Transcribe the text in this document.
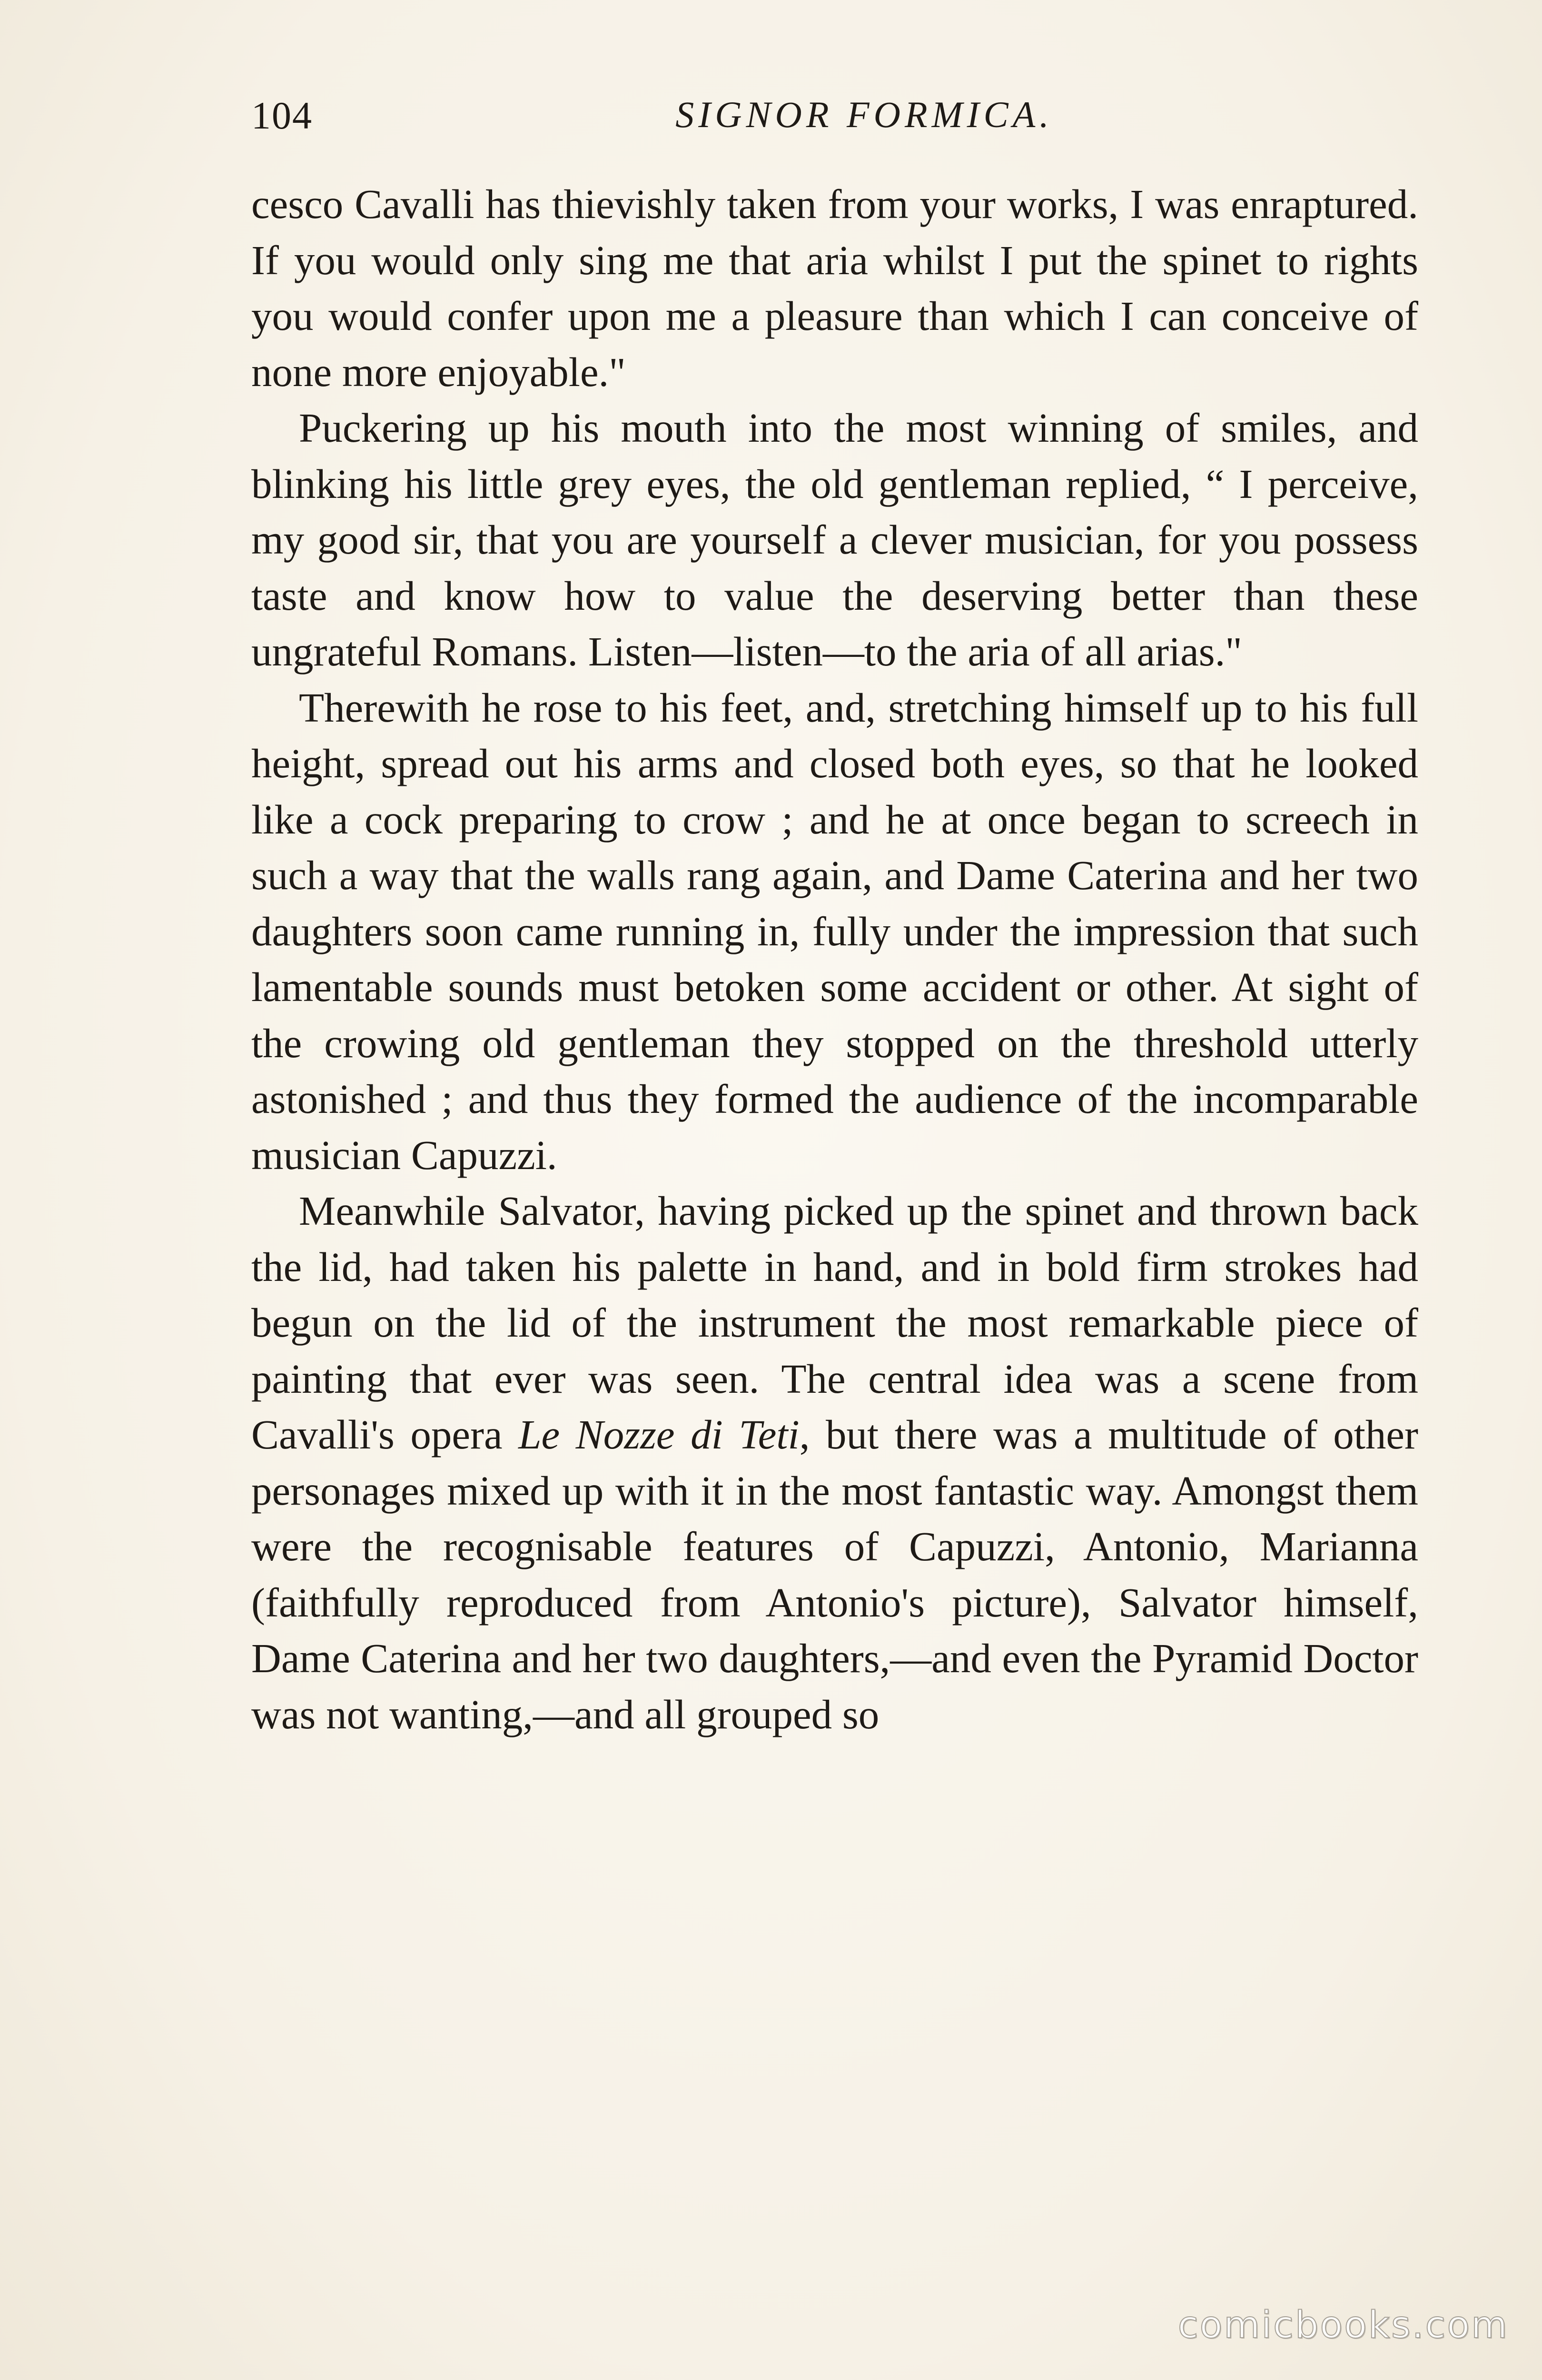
104	SIGNOR FORMICA.

cesco Cavalli has thievishly taken from your works, I was enraptured. If you would only sing me that aria whilst I put the spinet to rights you would confer upon me a pleasure than which I can conceive of none more enjoyable."

Puckering up his mouth into the most winning of smiles, and blinking his little grey eyes, the old gentleman replied, “ I perceive, my good sir, that you are yourself a clever musician, for you possess taste and know how to value the deserving better than these ungrateful Romans. Listen—listen—to the aria of all arias."

Therewith he rose to his feet, and, stretching himself up to his full height, spread out his arms and closed both eyes, so that he looked like a cock preparing to crow ; and he at once began to screech in such a way that the walls rang again, and Dame Caterina and her two daughters soon came running in, fully under the impression that such lamentable sounds must betoken some accident or other. At sight of the crowing old gentleman they stopped on the threshold utterly astonished ; and thus they formed the audience of the incomparable musician Capuzzi.

Meanwhile Salvator, having picked up the spinet and thrown back the lid, had taken his palette in hand, and in bold firm strokes had begun on the lid of the instrument the most remarkable piece of painting that ever was seen. The central idea was a scene from Cavalli's opera Le Nozze di Teti, but there was a multitude of other personages mixed up with it in the most fantastic way. Amongst them were the recognisable features of Capuzzi, Antonio, Marianna (faithfully reproduced from Antonio's picture), Salvator himself, Dame Caterina and her two daughters,—and even the Pyramid Doctor was not wanting,—and all grouped so

comicbooks.com
